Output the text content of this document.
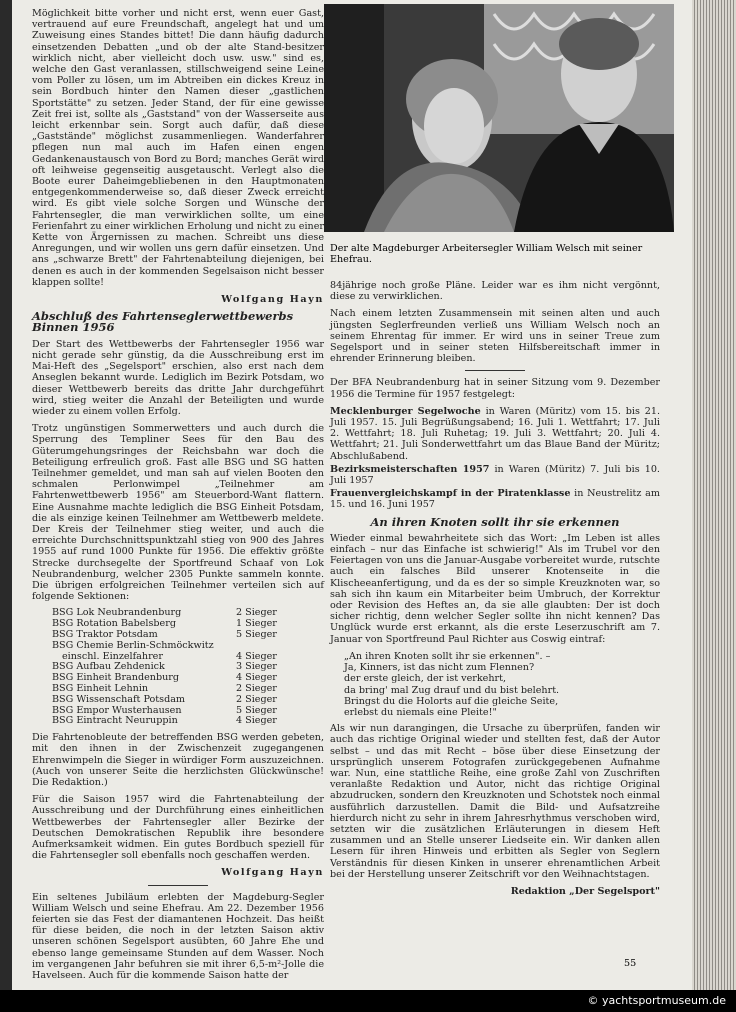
Möglichkeit bitte vorher und nicht erst, wenn euer Gast, vertrauend auf eure Freundschaft, angelegt hat und um Zuweisung eines Standes bittet! Die dann häufig dadurch einsetzenden Debatten „und ob der alte Stand-besitzer wirklich nicht, aber vielleicht doch usw. usw." sind es, welche den Gast veranlassen, stillschweigend seine Leine vom Poller zu lösen, um im Abtreiben ein dickes Kreuz in sein Bordbuch hinter den Namen dieser „gastlichen Sportstätte" zu setzen. Jeder Stand, der für eine gewisse Zeit frei ist, sollte als „Gaststand" von der Wasserseite aus leicht erkennbar sein. Sorgt auch dafür, daß diese „Gaststände" möglichst zusammenliegen. Wanderfahrer pflegen nun mal auch im Hafen einen engen Gedankenaustausch von Bord zu Bord; manches Gerät wird oft leihweise gegenseitig ausgetauscht. Verlegt also die Boote eurer Daheimgebliebenen in den Hauptmonaten entgegenkommenderweise so, daß dieser Zweck erreicht wird. Es gibt viele solche Sorgen und Wünsche der Fahrtensegler, die man verwirklichen sollte, um eine Ferienfahrt zu einer wirklichen Erholung und nicht zu einer Kette von Ärgernissen zu machen. Schreibt uns diese Anregungen, und wir wollen uns gern dafür einsetzen. Und ans „schwarze Brett" der Fahrtenabteilung diejenigen, bei denen es auch in der kommenden Segelsaison nicht besser klappen sollte!

Wolfgang Hayn
Abschluß des Fahrtenseglerwettbewerbs Binnen 1956

Der Start des Wettbewerbs der Fahrtensegler 1956 war nicht gerade sehr günstig, da die Ausschreibung erst im Mai-Heft des „Segelsport" erschien, also erst nach dem Anseglen bekannt wurde. Lediglich im Bezirk Potsdam, wo dieser Wettbewerb bereits das dritte Jahr durchgeführt wird, stieg weiter die Anzahl der Beteiligten und wurde wieder zu einem vollen Erfolg.

Trotz ungünstigen Sommerwetters und auch durch die Sperrung des Templiner Sees für den Bau des Güterumgehungsringes der Reichsbahn war doch die Beteiligung erfreulich groß. Fast alle BSG und SG hatten Teilnehmer gemeldet, und man sah auf vielen Booten den schmalen Perlonwimpel „Teilnehmer am Fahrtenwettbewerb 1956" am Steuerbord-Want flattern. Eine Ausnahme machte lediglich die BSG Einheit Potsdam, die als einzige keinen Teilnehmer am Wettbewerb meldete. Der Kreis der Teilnehmer stieg weiter, und auch die erreichte Durchschnittspunktzahl stieg von 900 des Jahres 1955 auf rund 1000 Punkte für 1956. Die effektiv größte Strecke durchsegelte der Sportfreund Schaaf von Lok Neubrandenburg, welcher 2305 Punkte sammeln konnte. Die übrigen erfolgreichen Teilnehmer verteilen sich auf folgende Sektionen:

BSG Lok Neubrandenburg	2 Sieger
BSG Rotation Babelsberg	1 Sieger
BSG Traktor Potsdam	5 Sieger
BSG Chemie Berlin-Schmöckwitz	
einschl. Einzelfahrer	4 Sieger
BSG Aufbau Zehdenick	3 Sieger
BSG Einheit Brandenburg	4 Sieger
BSG Einheit Lehnin	2 Sieger
BSG Wissenschaft Potsdam	2 Sieger
BSG Empor Wusterhausen	5 Sieger
BSG Eintracht Neuruppin	4 Sieger

Die Fahrtenobleute der betreffenden BSG werden gebeten, mit den ihnen in der Zwischenzeit zugegangenen Ehrenwimpeln die Sieger in würdiger Form auszuzeichnen. (Auch von unserer Seite die herzlichsten Glückwünsche! Die Redaktion.)

Für die Saison 1957 wird die Fahrtenabteilung der Ausschreibung und der Durchführung eines einheitlichen Wettbewerbes der Fahrtensegler aller Bezirke der Deutschen Demokratischen Republik ihre besondere Aufmerksamkeit widmen. Ein gutes Bordbuch speziell für die Fahrtensegler soll ebenfalls noch geschaffen werden.

Wolfgang Hayn

Ein seltenes Jubiläum erlebten der Magdeburg-Segler William Welsch und seine Ehefrau. Am 22. Dezember 1956 feierten sie das Fest der diamantenen Hochzeit. Das heißt für diese beiden, die noch in der letzten Saison aktiv unseren schönen Segelsport ausübten, 60 Jahre Ehe und ebenso lange gemeinsame Stunden auf dem Wasser. Noch im vergangenen Jahr befuhren sie mit ihrer 6,5-m²-Jolle die Havelseen. Auch für die kommende Saison hatte der

Der alte Magdeburger Arbeitersegler William Welsch mit seiner Ehefrau.

84jährige noch große Pläne. Leider war es ihm nicht vergönnt, diese zu verwirklichen.

Nach einem letzten Zusammensein mit seinen alten und auch jüngsten Seglerfreunden verließ uns William Welsch noch an seinem Ehrentag für immer. Er wird uns in seiner Treue zum Segelsport und in seiner steten Hilfsbereitschaft immer in ehrender Erinnerung bleiben.

Der BFA Neubrandenburg hat in seiner Sitzung vom 9. Dezember 1956 die Termine für 1957 festgelegt:

Mecklenburger Segelwoche in Waren (Müritz) vom 15. bis 21. Juli 1957. 15. Juli Begrüßungsabend; 16. Juli 1. Wettfahrt; 17. Juli 2. Wettfahrt; 18. Juli Ruhetag; 19. Juli 3. Wettfahrt; 20. Juli 4. Wettfahrt; 21. Juli Sonderwettfahrt um das Blaue Band der Müritz; Abschlußabend.

Bezirksmeisterschaften 1957 in Waren (Müritz) 7. Juli bis 10. Juli 1957

Frauenvergleichskampf in der Piratenklasse in Neustrelitz am 15. und 16. Juni 1957

An ihren Knoten sollt ihr sie erkennen

Wieder einmal bewahrheitete sich das Wort: „Im Leben ist alles einfach – nur das Einfache ist schwierig!" Als im Trubel vor den Feiertagen von uns die Januar-Ausgabe vorbereitet wurde, rutschte auch ein falsches Bild unserer Knotenseite in die Klischeeanfertigung, und da es der so simple Kreuzknoten war, so sah sich ihn kaum ein Mitarbeiter beim Umbruch, der Korrektur oder Revision des Heftes an, da sie alle glaubten: Der ist doch sicher richtig, denn welcher Segler sollte ihn nicht kennen? Das Unglück wurde erst erkannt, als die erste Leserzuschrift am 7. Januar von Sportfreund Paul Richter aus Coswig eintraf:

„An ihren Knoten sollt ihr sie erkennen". –
Ja, Kinners, ist das nicht zum Flennen?
der erste gleich, der ist verkehrt,
da bring' mal Zug drauf und du bist belehrt.
Bringst du die Holorts auf die gleiche Seite,
erlebst du niemals eine Pleite!"

Als wir nun darangingen, die Ursache zu überprüfen, fanden wir auch das richtige Original wieder und stellten fest, daß der Autor selbst – und das mit Recht – böse über diese Einsetzung der ursprünglich unserem Fotografen zurückgegebenen Aufnahme war. Nun, eine stattliche Reihe, eine große Zahl von Zuschriften veranlaßte Redaktion und Autor, nicht das richtige Original abzudrucken, sondern den Kreuzknoten und Schotstek noch einmal ausführlich darzustellen. Damit die Bild- und Aufsatzreihe hierdurch nicht zu sehr in ihrem Jahresrhythmus verschoben wird, setzten wir die zusätzlichen Erläuterungen in diesem Heft zusammen und an Stelle unserer Liedseite ein. Wir danken allen Lesern für ihren Hinweis und erbitten als Segler von Seglern Verständnis für diesen Kinken in unserer ehrenamtlichen Arbeit bei der Herstellung unserer Zeitschrift vor den Weihnachtstagen.

Redaktion „Der Segelsport"
55
© yachtsportmuseum.de
